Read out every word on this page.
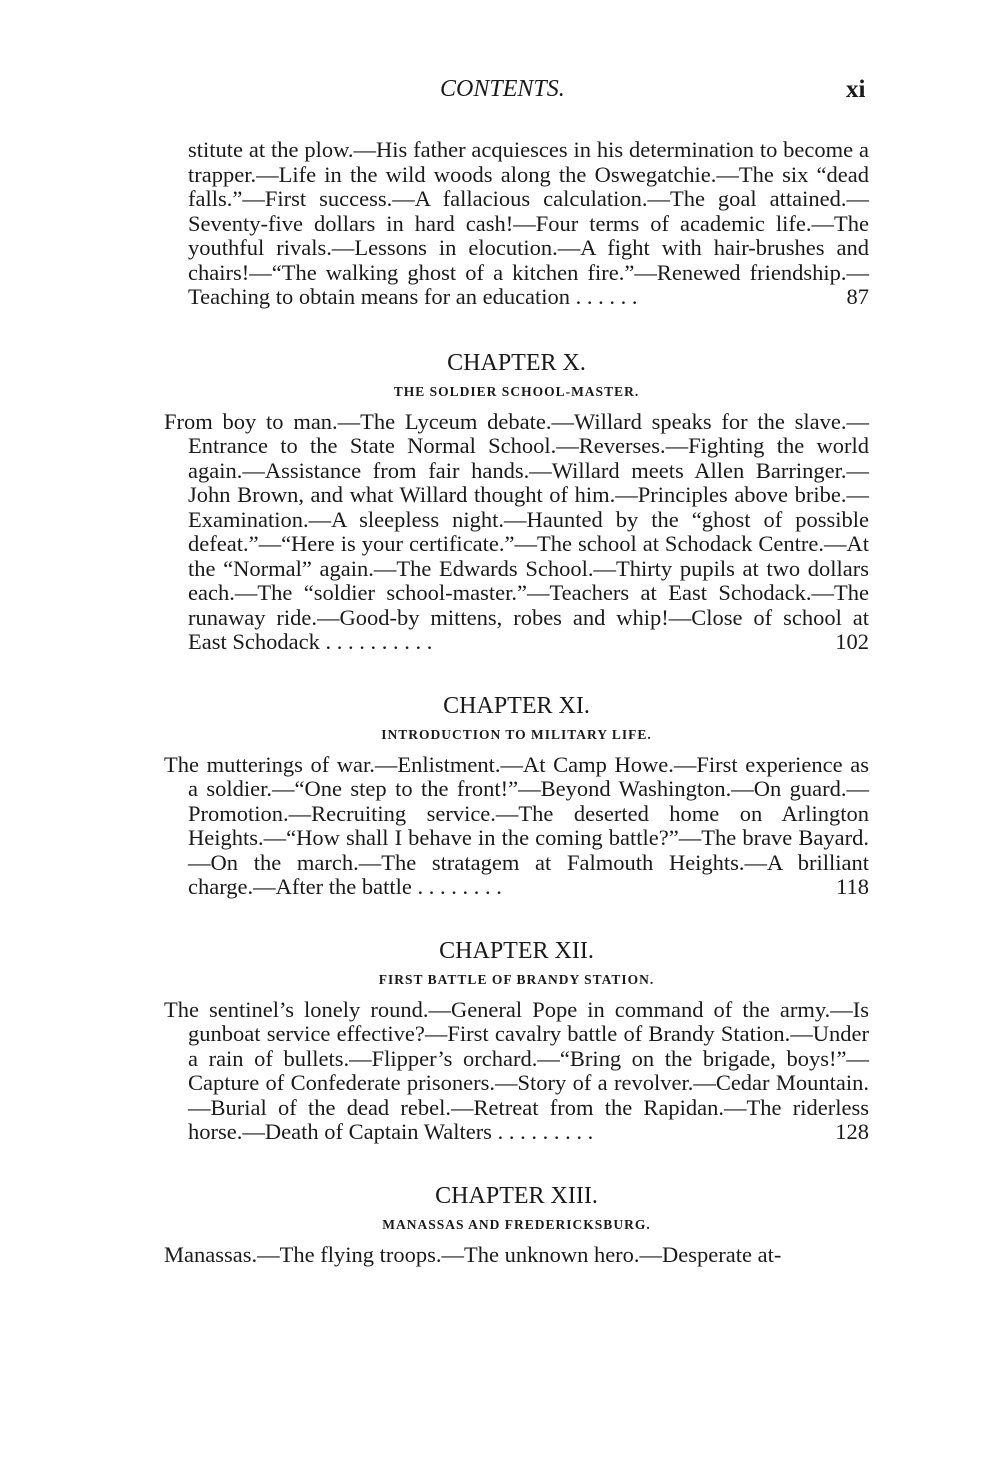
CONTENTS.	xi
stitute at the plow.—His father acquiesces in his determination to become a trapper.—Life in the wild woods along the Oswegatchie.—The six “dead falls.”—First success.—A fallacious calculation.—The goal attained.—Seventy-five dollars in hard cash!—Four terms of academic life.—The youthful rivals.—Lessons in elocution.—A fight with hair-brushes and chairs!—“The walking ghost of a kitchen fire.”—Renewed friendship.—Teaching to obtain means for an education . . . . . .	87
CHAPTER X.
THE SOLDIER SCHOOL-MASTER.
From boy to man.—The Lyceum debate.—Willard speaks for the slave.—Entrance to the State Normal School.—Reverses.—Fighting the world again.—Assistance from fair hands.—Willard meets Allen Barringer.—John Brown, and what Willard thought of him.—Principles above bribe.—Examination.—A sleepless night.—Haunted by the “ghost of possible defeat.”—“Here is your certificate.”—The school at Schodack Centre.—At the “Normal” again.—The Edwards School.—Thirty pupils at two dollars each.—The “soldier school-master.”—Teachers at East Schodack.—The runaway ride.—Good-by mittens, robes and whip!—Close of school at East Schodack . . . . . . . . . .	102
CHAPTER XI.
INTRODUCTION TO MILITARY LIFE.
The mutterings of war.—Enlistment.—At Camp Howe.—First experience as a soldier.—“One step to the front!”—Beyond Washington.—On guard.—Promotion.—Recruiting service.—The deserted home on Arlington Heights.—“How shall I behave in the coming battle?”—The brave Bayard.—On the march.—The stratagem at Falmouth Heights.—A brilliant charge.—After the battle . . . . . . . .	118
CHAPTER XII.
FIRST BATTLE OF BRANDY STATION.
The sentinel’s lonely round.—General Pope in command of the army.—Is gunboat service effective?—First cavalry battle of Brandy Station.—Under a rain of bullets.—Flipper’s orchard.—“Bring on the brigade, boys!”—Capture of Confederate prisoners.—Story of a revolver.—Cedar Mountain.—Burial of the dead rebel.—Retreat from the Rapidan.—The riderless horse.—Death of Captain Walters . . . . . . . . .	128
CHAPTER XIII.
MANASSAS AND FREDERICKSBURG.
Manassas.—The flying troops.—The unknown hero.—Desperate at-
